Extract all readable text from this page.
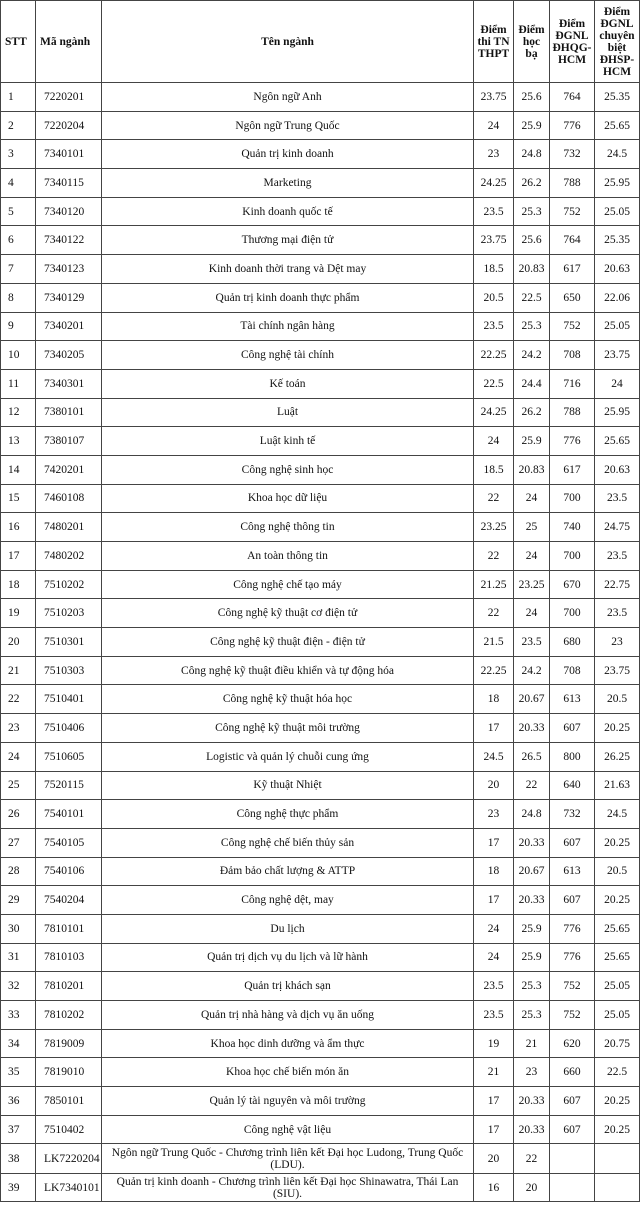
STT	Mã ngành	Tên ngành	Điểm thi TN THPT	Điểm học bạ	Điểm ĐGNL ĐHQG-HCM	Điểm ĐGNL chuyên biệt ĐHSP-HCM
1	7220201	Ngôn ngữ Anh	23.75	25.6	764	25.35
2	7220204	Ngôn ngữ Trung Quốc	24	25.9	776	25.65
3	7340101	Quản trị kinh doanh	23	24.8	732	24.5
4	7340115	Marketing	24.25	26.2	788	25.95
5	7340120	Kinh doanh quốc tế	23.5	25.3	752	25.05
6	7340122	Thương mại điện tử	23.75	25.6	764	25.35
7	7340123	Kinh doanh thời trang và Dệt may	18.5	20.83	617	20.63
8	7340129	Quản trị kinh doanh thực phẩm	20.5	22.5	650	22.06
9	7340201	Tài chính ngân hàng	23.5	25.3	752	25.05
10	7340205	Công nghệ tài chính	22.25	24.2	708	23.75
11	7340301	Kế toán	22.5	24.4	716	24
12	7380101	Luật	24.25	26.2	788	25.95
13	7380107	Luật kinh tế	24	25.9	776	25.65
14	7420201	Công nghệ sinh học	18.5	20.83	617	20.63
15	7460108	Khoa học dữ liệu	22	24	700	23.5
16	7480201	Công nghệ thông tin	23.25	25	740	24.75
17	7480202	An toàn thông tin	22	24	700	23.5
18	7510202	Công nghệ chế tạo máy	21.25	23.25	670	22.75
19	7510203	Công nghệ kỹ thuật cơ điện tử	22	24	700	23.5
20	7510301	Công nghệ kỹ thuật điện - điện tử	21.5	23.5	680	23
21	7510303	Công nghệ kỹ thuật điều khiển và tự động hóa	22.25	24.2	708	23.75
22	7510401	Công nghệ kỹ thuật hóa học	18	20.67	613	20.5
23	7510406	Công nghệ kỹ thuật môi trường	17	20.33	607	20.25
24	7510605	Logistic và quản lý chuỗi cung ứng	24.5	26.5	800	26.25
25	7520115	Kỹ thuật Nhiệt	20	22	640	21.63
26	7540101	Công nghệ thực phẩm	23	24.8	732	24.5
27	7540105	Công nghệ chế biến thủy sản	17	20.33	607	20.25
28	7540106	Đảm bảo chất lượng & ATTP	18	20.67	613	20.5
29	7540204	Công nghệ dệt, may	17	20.33	607	20.25
30	7810101	Du lịch	24	25.9	776	25.65
31	7810103	Quản trị dịch vụ du lịch và lữ hành	24	25.9	776	25.65
32	7810201	Quản trị khách sạn	23.5	25.3	752	25.05
33	7810202	Quản trị nhà hàng và dịch vụ ăn uống	23.5	25.3	752	25.05
34	7819009	Khoa học dinh dưỡng và ẩm thực	19	21	620	20.75
35	7819010	Khoa học chế biến món ăn	21	23	660	22.5
36	7850101	Quản lý tài nguyên và môi trường	17	20.33	607	20.25
37	7510402	Công nghệ vật liệu	17	20.33	607	20.25
38	LK7220204	Ngôn ngữ Trung Quốc - Chương trình liên kết Đại học Ludong, Trung Quốc (LDU).	20	22		
39	LK7340101	Quản trị kinh doanh - Chương trình liên kết Đại học Shinawatra, Thái Lan (SIU).	16	20		
